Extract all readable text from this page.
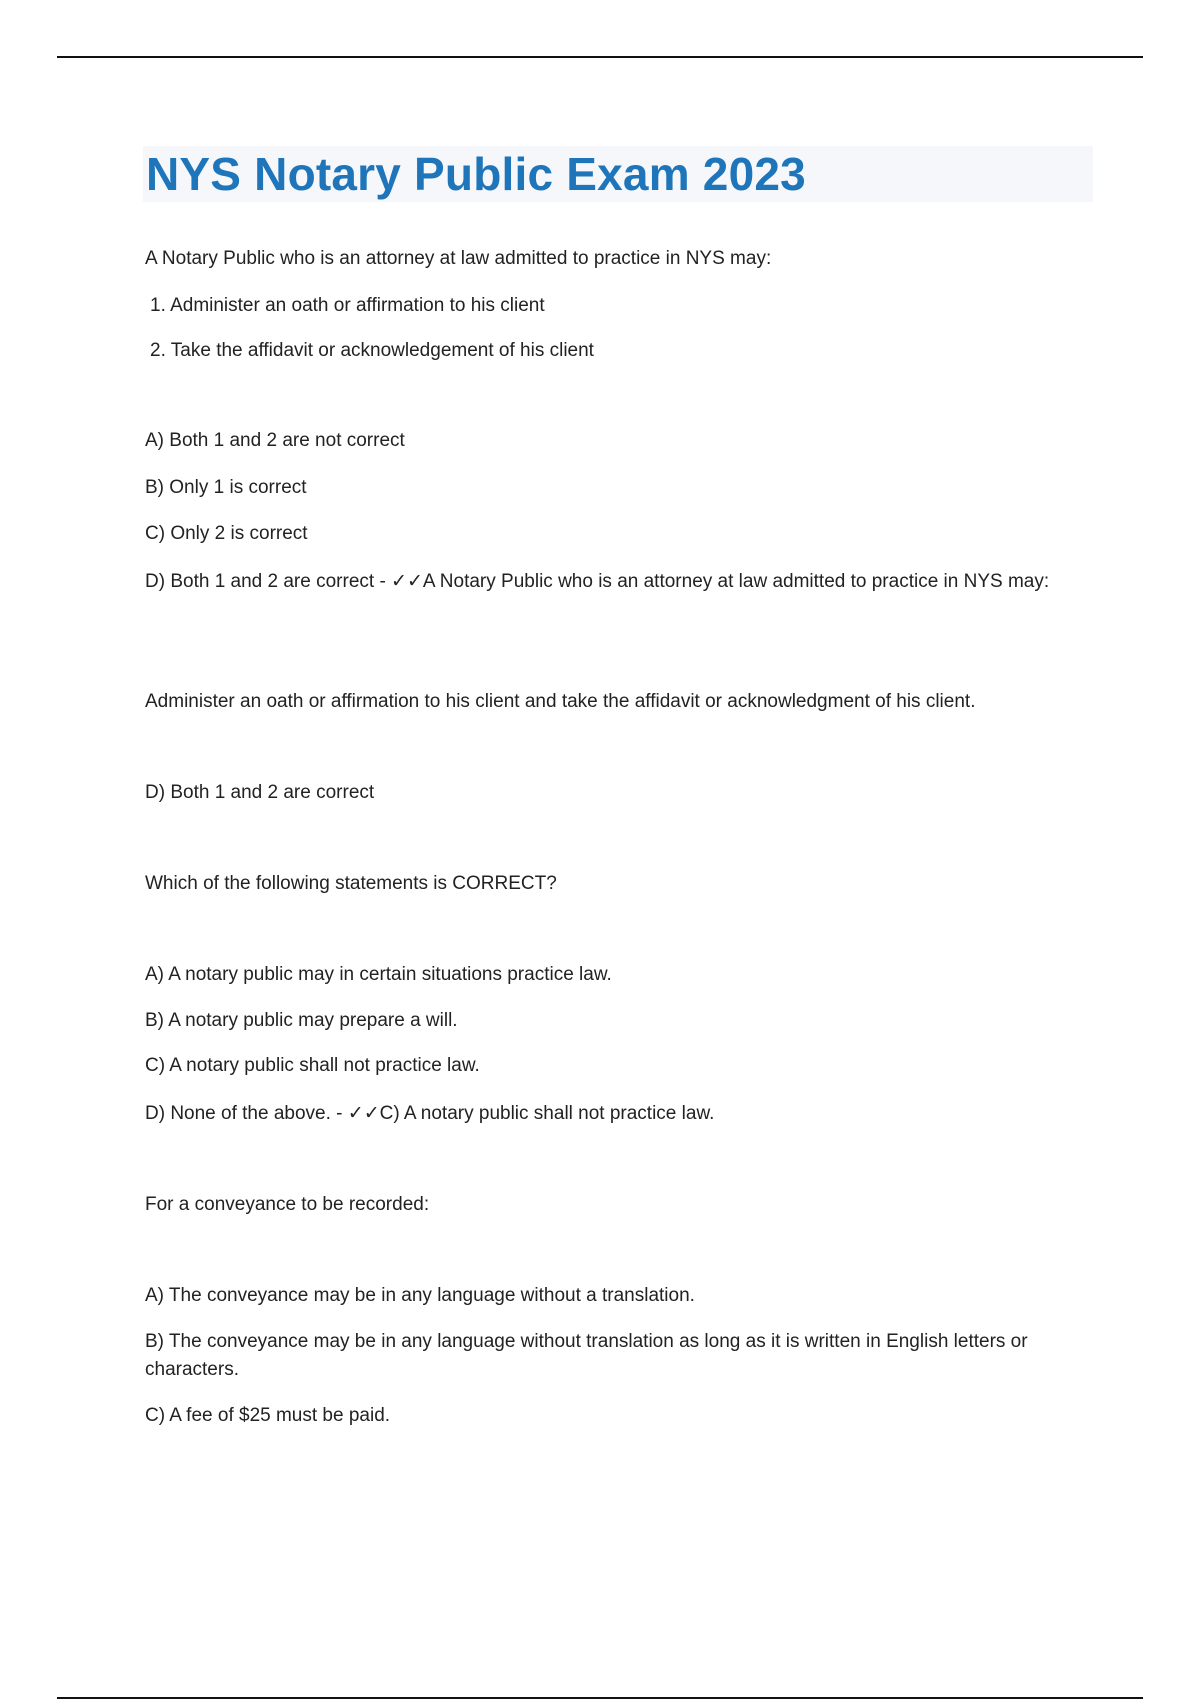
NYS Notary Public Exam 2023

A Notary Public who is an attorney at law admitted to practice in NYS may:

1. Administer an oath or affirmation to his client

2. Take the affidavit or acknowledgement of his client

A) Both 1 and 2 are not correct

B) Only 1 is correct

C) Only 2 is correct

D) Both 1 and 2 are correct - ✓✓A Notary Public who is an attorney at law admitted to practice in NYS may:

Administer an oath or affirmation to his client and take the affidavit or acknowledgment of his client.

D) Both 1 and 2 are correct

Which of the following statements is CORRECT?

A) A notary public may in certain situations practice law.

B) A notary public may prepare a will.

C) A notary public shall not practice law.

D) None of the above. - ✓✓C) A notary public shall not practice law.

For a conveyance to be recorded:

A) The conveyance may be in any language without a translation.

B) The conveyance may be in any language without translation as long as it is written in English letters or characters.

C) A fee of $25 must be paid.
